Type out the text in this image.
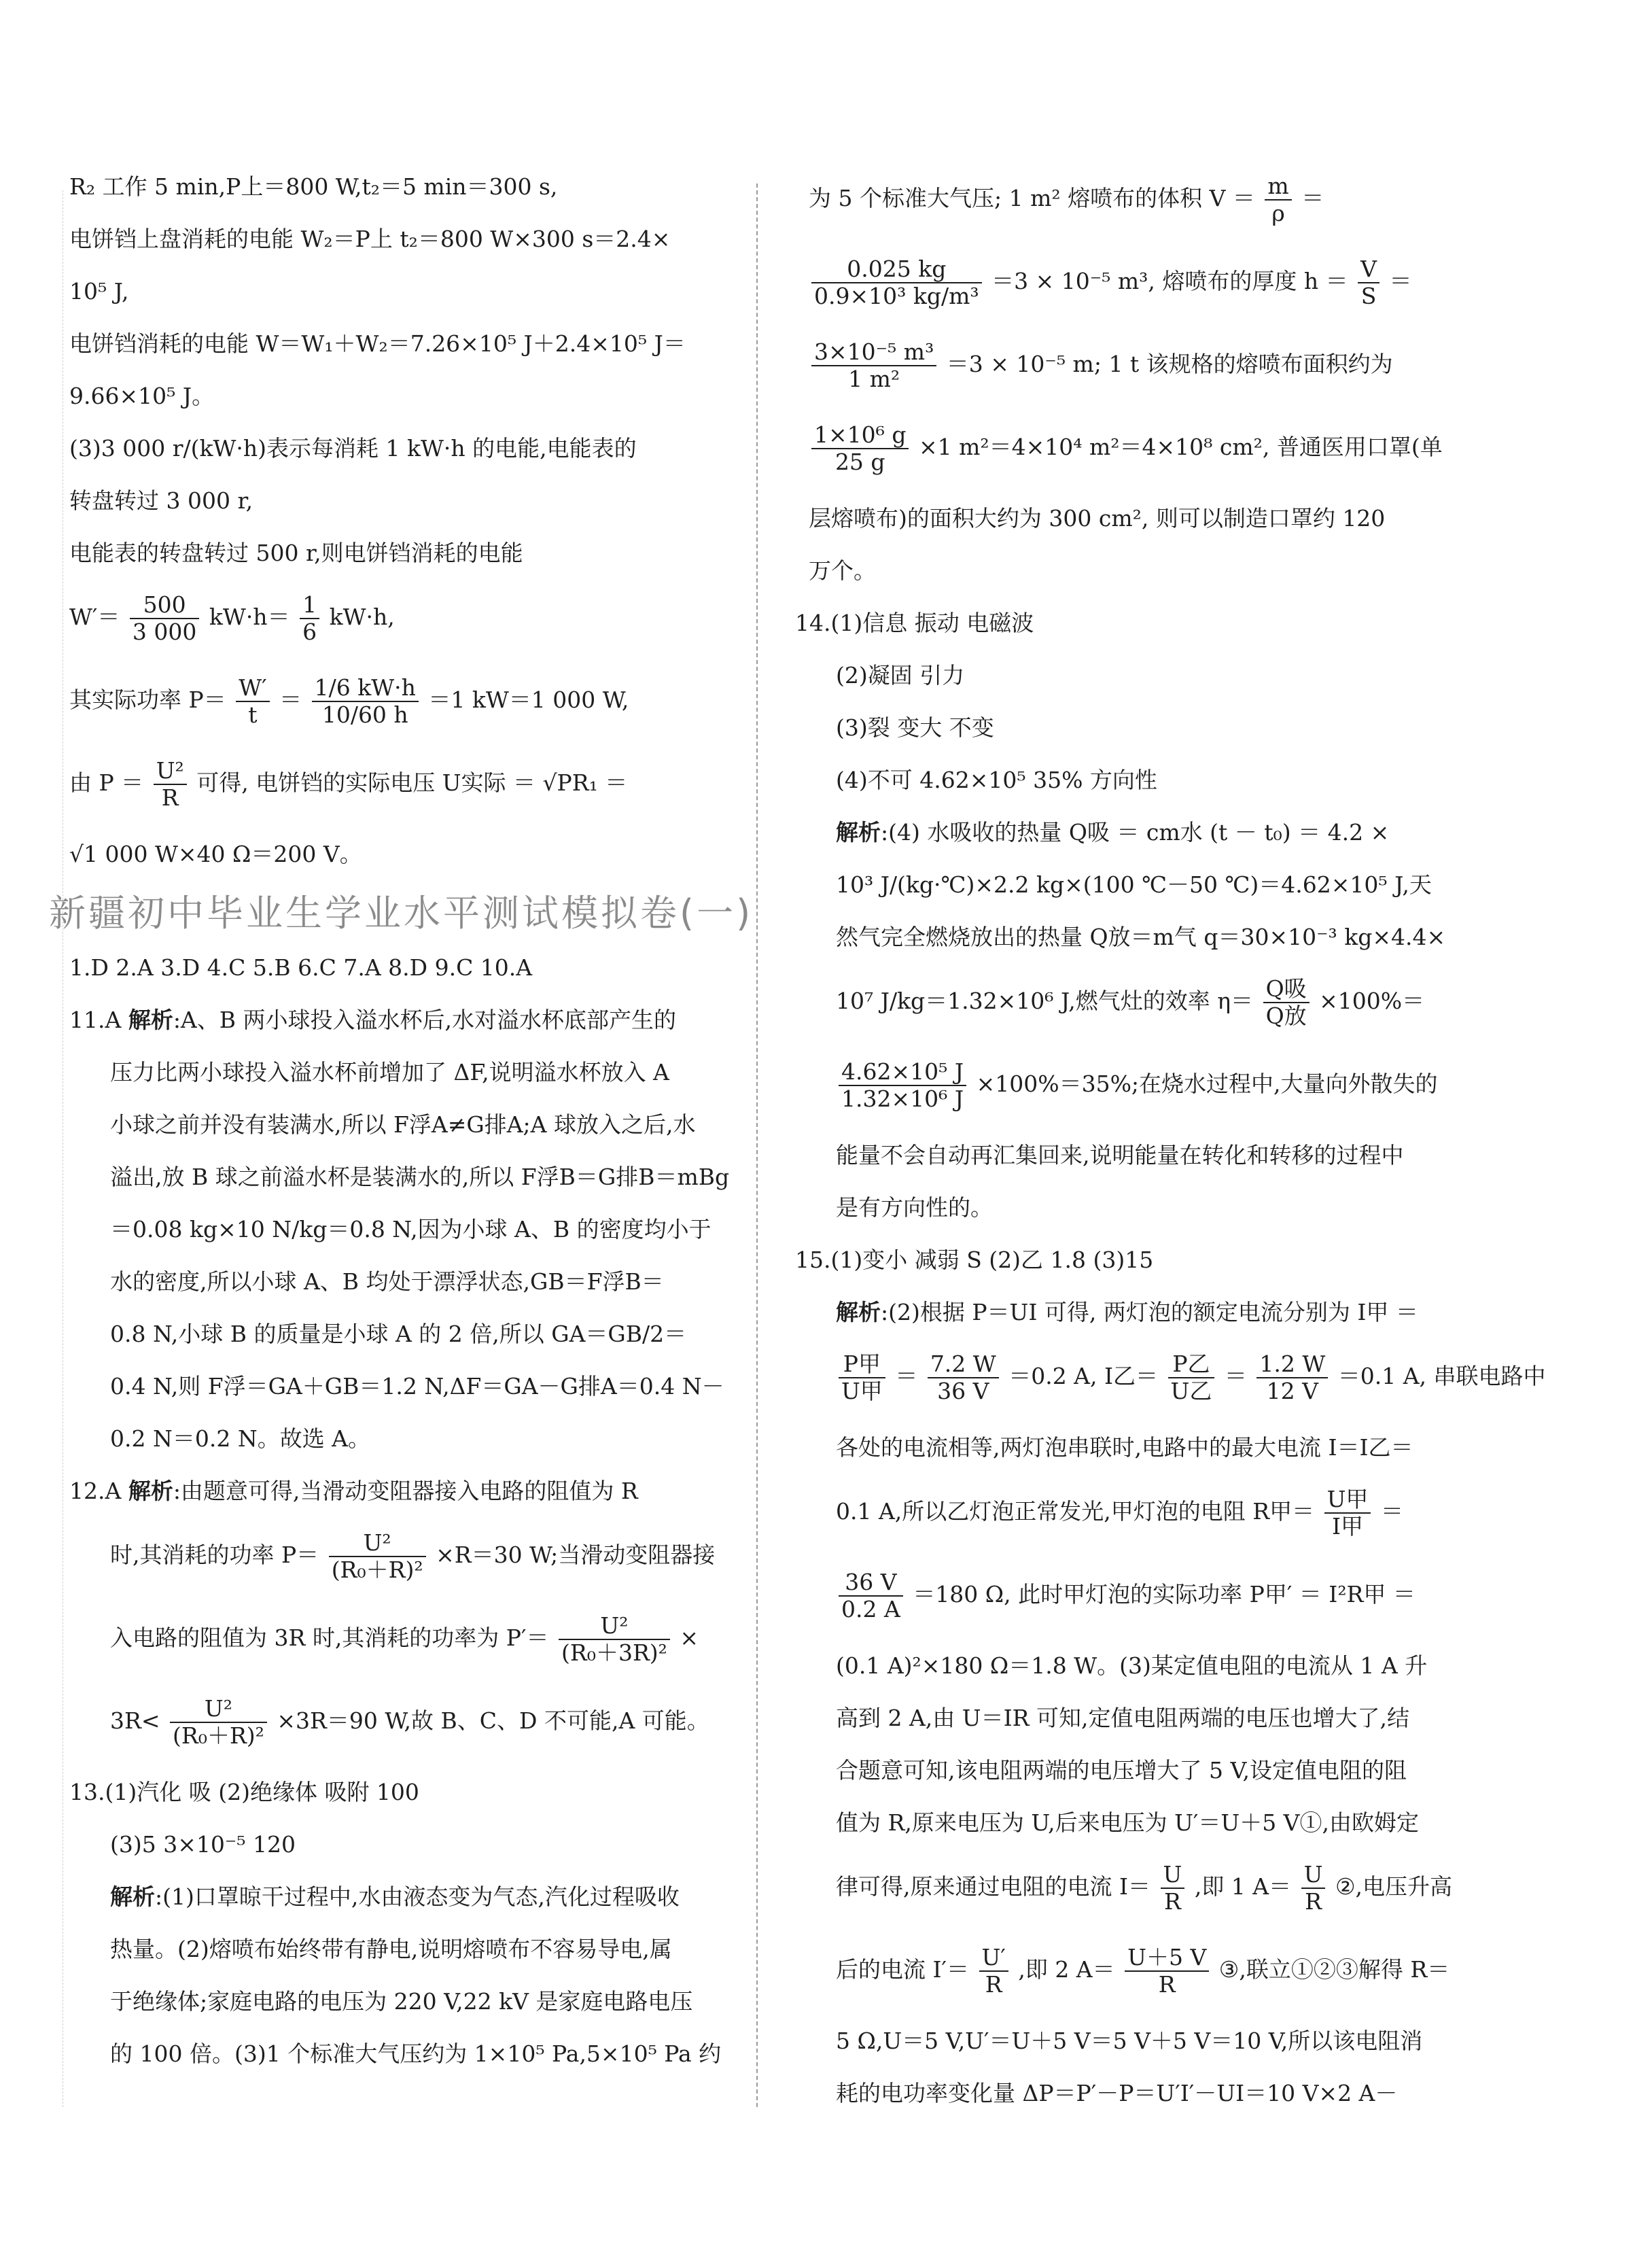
R₂ 工作 5 min,P上＝800 W,t₂＝5 min＝300 s,
电饼铛上盘消耗的电能 W₂＝P上 t₂＝800 W×300 s＝2.4×
10⁵ J,
电饼铛消耗的电能 W＝W₁＋W₂＝7.26×10⁵ J＋2.4×10⁵ J＝
9.66×10⁵ J。
(3)3 000 r/(kW·h)表示每消耗 1 kW·h 的电能,电能表的
转盘转过 3 000 r,
电能表的转盘转过 500 r,则电饼铛消耗的电能
$W'= \frac{500}{3 000} kW\cdot h= \frac{1}{6} kW\cdot h$,
其实际功率 $P= \frac{W'}{t} = \frac{1/6 kW\cdot h}{10/60 h} =1$ kW＝1 000 W,
由 $P = \frac{\text{U²}}{R}$ 可得, 电饼铛的实际电压 U实际 ＝ √PR₁ ＝
√1 000 W×40 Ω＝200 V。
新疆初中毕业生学业水平测试模拟卷(一)
1.D 2.A 3.D 4.C 5.B 6.C 7.A 8.D 9.C 10.A
11.A 解析:A、B 两小球投入溢水杯后,水对溢水杯底部产生的
压力比两小球投入溢水杯前增加了 ΔF,说明溢水杯放入 A
小球之前并没有装满水,所以 F浮A≠G排A;A 球放入之后,水
溢出,放 B 球之前溢水杯是装满水的,所以 F浮B＝G排B＝mBg
＝0.08 kg×10 N/kg＝0.8 N,因为小球 A、B 的密度均小于
水的密度,所以小球 A、B 均处于漂浮状态,GB＝F浮B＝
0.8 N,小球 B 的质量是小球 A 的 2 倍,所以 GA＝GB/2＝
0.4 N,则 F浮＝GA＋GB＝1.2 N,ΔF＝GA－G排A＝0.4 N－
0.2 N＝0.2 N。故选 A。
12.A 解析:由题意可得,当滑动变阻器接入电路的阻值为 R
时,其消耗的功率 $P= \frac{\text{U²}}{\text{(R₀＋R)²}} \times R=30$ W;当滑动变阻器接
入电路的阻值为 3R 时,其消耗的功率为 $P'= \frac{\text{U²}}{\text{(R₀＋3R)²}}$ ×
$3R< \frac{\text{U²}}{\text{(R₀＋R)²}} \times 3R=90$ W,故 B、C、D 不可能,A 可能。
13.(1)汽化 吸 (2)绝缘体 吸附 100
(3)5 3×10⁻⁵ 120
解析:(1)口罩晾干过程中,水由液态变为气态,汽化过程吸收
热量。(2)熔喷布始终带有静电,说明熔喷布不容易导电,属
于绝缘体;家庭电路的电压为 220 V,22 kV 是家庭电路电压
的 100 倍。(3)1 个标准大气压约为 1×10⁵ Pa,5×10⁵ Pa 约
为 5 个标准大气压; 1 m² 熔喷布的体积 $V = \frac{m}{\rho}$ ＝
$\frac{0.025 kg}{\text{0.9×10³ kg/m³}} =3 \times 10^{-5}$ m³, 熔喷布的厚度 $h = \frac{V}{S}$ ＝
$\frac{\text{3×10⁻⁵ m³}}{\text{1 m²}} =3 \times 10^{-5}$ m; 1 t 该规格的熔喷布面积约为
$\frac{\text{1×10⁶ g}}{25 g} \times 1$ m²＝4×10⁴ m²＝4×10⁸ cm², 普通医用口罩(单
层熔喷布)的面积大约为 300 cm², 则可以制造口罩约 120
万个。
14.(1)信息 振动 电磁波
(2)凝固 引力
(3)裂 变大 不变
(4)不可 4.62×10⁵ 35% 方向性
解析:(4) 水吸收的热量 Q吸 ＝ cm水 (t － t₀) ＝ 4.2 ×
10³ J/(kg·℃)×2.2 kg×(100 ℃－50 ℃)＝4.62×10⁵ J,天
然气完全燃烧放出的热量 Q放＝m气 q＝30×10⁻³ kg×4.4×
10⁷ J/kg＝1.32×10⁶ J,燃气灶的效率 $\eta= \frac{\text{Q吸}}{\text{Q放}} \times 100\%=$
$\frac{\text{4.62×10⁵ J}}{\text{1.32×10⁶ J}} \times 100\%=35\%$;在烧水过程中,大量向外散失的
能量不会自动再汇集回来,说明能量在转化和转移的过程中
是有方向性的。
15.(1)变小 减弱 S (2)乙 1.8 (3)15
解析:(2)根据 P＝UI 可得, 两灯泡的额定电流分别为 I甲 ＝
$\frac{\text{P甲}}{\text{U甲}} = \frac{7.2 W}{36 V} =0.2$ A, I乙＝ $\frac{\text{P乙}}{\text{U乙}} = \frac{1.2 W}{12 V} =0.1$ A, 串联电路中
各处的电流相等,两灯泡串联时,电路中的最大电流 I＝I乙＝
0.1 A,所以乙灯泡正常发光,甲灯泡的电阻 R甲＝ $\frac{\text{U甲}}{\text{I甲}}$ ＝
$\frac{36 V}{0.2 A} =180$ Ω, 此时甲灯泡的实际功率 P甲′ ＝ I²R甲 ＝
(0.1 A)²×180 Ω＝1.8 W。(3)某定值电阻的电流从 1 A 升
高到 2 A,由 U＝IR 可知,定值电阻两端的电压也增大了,结
合题意可知,该电阻两端的电压增大了 5 V,设定值电阻的阻
值为 R,原来电压为 U,后来电压为 U′＝U＋5 V①,由欧姆定
律可得,原来通过电阻的电流 $I= \frac{U}{R}$ ,即 1 $A= \frac{U}{R}$ ②,电压升高
后的电流 $I'= \frac{U'}{R}$ ,即 2 $A= \frac{U+5 V}{R}$ ③,联立①②③解得 R＝
5 Ω,U＝5 V,U′＝U＋5 V＝5 V＋5 V＝10 V,所以该电阻消
耗的电功率变化量 ΔP＝P′－P＝U′I′－UI＝10 V×2 A－
